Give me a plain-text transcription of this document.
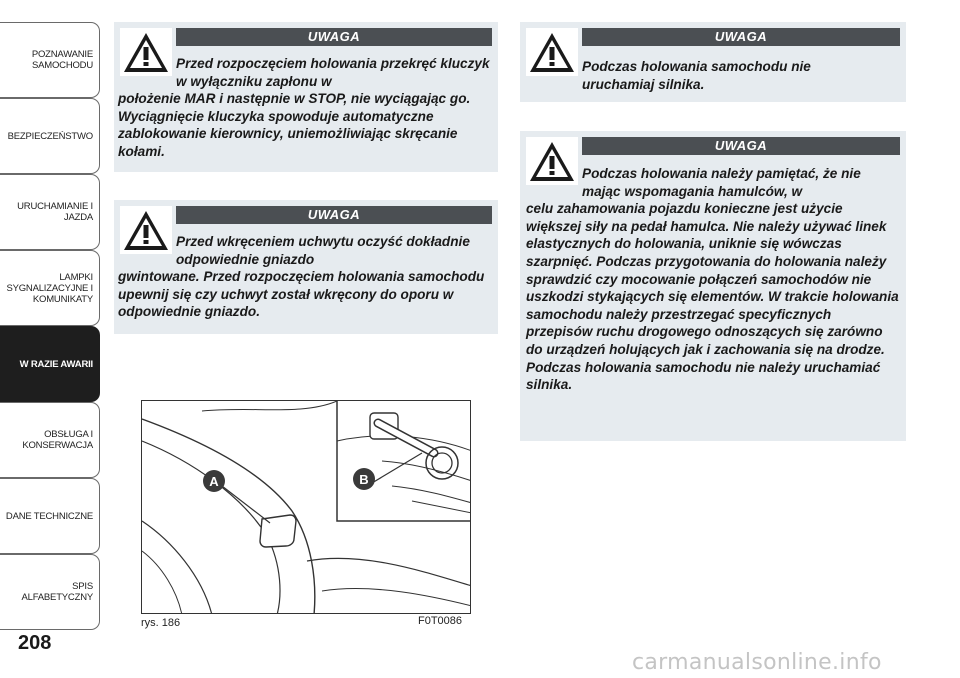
POZNAWANIE SAMOCHODU
BEZPIECZEŃSTWO
URUCHAMIANIE I JAZDA
LAMPKI SYGNALIZACYJNE I KOMUNIKATY
W RAZIE AWARII
OBSŁUGA I KONSERWACJA
DANE TECHNICZNE
SPIS ALFABETYCZNY
208
UWAGA
Przed rozpoczęciem holowania przekręć kluczyk w wyłączniku zapłonu w
położenie MAR i następnie w STOP, nie wyciągając go. Wyciągnięcie kluczyka spowoduje automatyczne zablokowanie kierownicy, uniemożliwiając skręcanie kołami.
UWAGA
Przed wkręceniem uchwytu oczyść dokładnie odpowiednie gniazdo
gwintowane. Przed rozpoczęciem holowania samochodu upewnij się czy uchwyt został wkręcony do oporu w odpowiednie gniazdo.
UWAGA
Podczas holowania samochodu nie uruchamiaj silnika.
UWAGA
Podczas holowania należy pamiętać, że nie mając wspomagania hamulców, w
celu zahamowania pojazdu konieczne jest użycie większej siły na pedał hamulca. Nie należy używać linek elastycznych do holowania, uniknie się wówczas szarpnięć. Podczas przygotowania do holowania należy sprawdzić czy mocowanie połączeń samochodów nie uszkodzi stykających się elementów. W trakcie holowania samochodu należy przestrzegać specyficznych przepisów ruchu drogowego odnoszących się zarówno do urządzeń holujących jak i zachowania się na drodze. Podczas holowania samochodu nie należy uruchamiać silnika.
A	B
rys. 186	F0T0086
carmanualsonline.info
